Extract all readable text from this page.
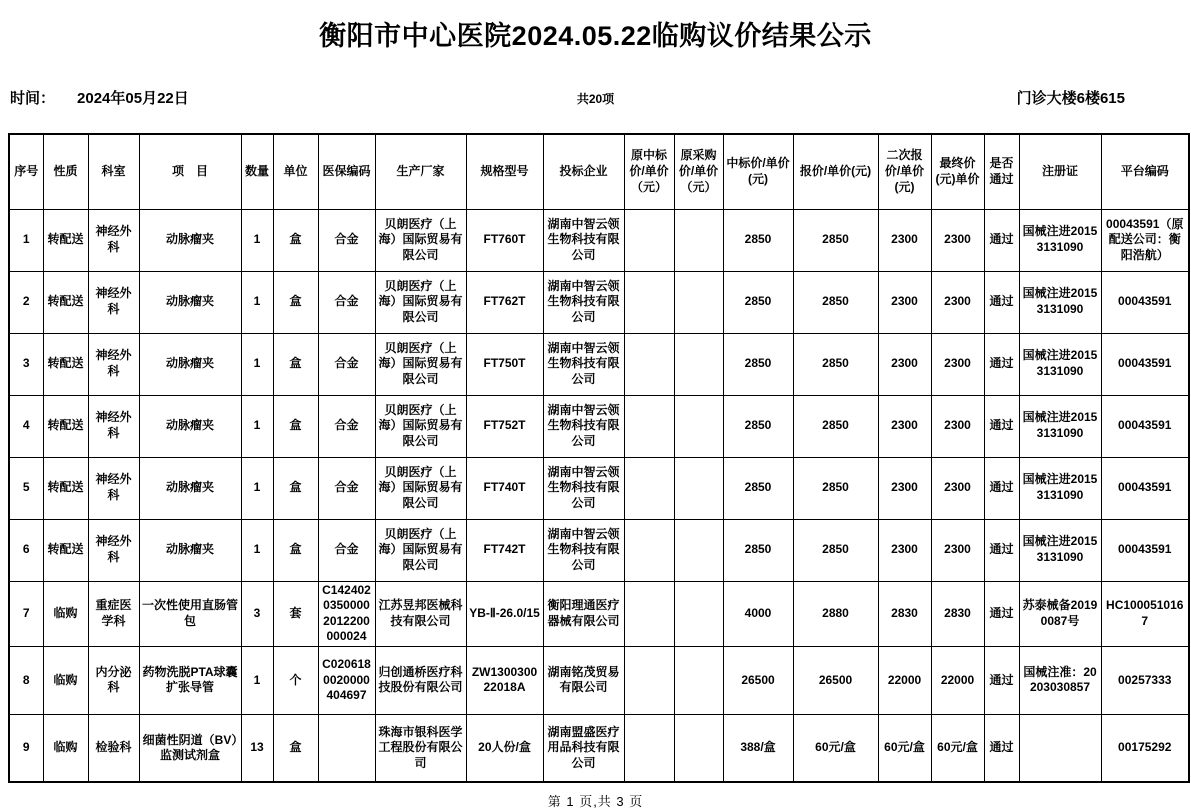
衡阳市中心医院2024.05.22临购议价结果公示
时间： 2024年05月22日	共20项	门诊大楼6楼615
序号	性质	科室	项　目	数量	单位	医保编码	生产厂家	规格型号	投标企业	原中标价/单价（元）	原采购价/单价（元）	中标价/单价(元)	报价/单价(元)	二次报价/单价(元)	最终价(元)单价	是否通过	注册证	平台编码
1	转配送	神经外科	动脉瘤夹	1	盒	合金	贝朗医疗（上海）国际贸易有限公司	FT760T	湖南中智云领生物科技有限公司			2850	2850	2300	2300	通过	国械注进20153131090	00043591（原配送公司：衡阳浩航）
2	转配送	神经外科	动脉瘤夹	1	盒	合金	贝朗医疗（上海）国际贸易有限公司	FT762T	湖南中智云领生物科技有限公司			2850	2850	2300	2300	通过	国械注进20153131090	00043591
3	转配送	神经外科	动脉瘤夹	1	盒	合金	贝朗医疗（上海）国际贸易有限公司	FT750T	湖南中智云领生物科技有限公司			2850	2850	2300	2300	通过	国械注进20153131090	00043591
4	转配送	神经外科	动脉瘤夹	1	盒	合金	贝朗医疗（上海）国际贸易有限公司	FT752T	湖南中智云领生物科技有限公司			2850	2850	2300	2300	通过	国械注进20153131090	00043591
5	转配送	神经外科	动脉瘤夹	1	盒	合金	贝朗医疗（上海）国际贸易有限公司	FT740T	湖南中智云领生物科技有限公司			2850	2850	2300	2300	通过	国械注进20153131090	00043591
6	转配送	神经外科	动脉瘤夹	1	盒	合金	贝朗医疗（上海）国际贸易有限公司	FT742T	湖南中智云领生物科技有限公司			2850	2850	2300	2300	通过	国械注进20153131090	00043591
7	临购	重症医学科	一次性使用直肠管包	3	套	C14240203500002012200000024	江苏昱邦医械科技有限公司	YB-Ⅱ-26.0/15	衡阳理通医疗器械有限公司			4000	2880	2830	2830	通过	苏泰械备20190087号	HC1000510167
8	临购	内分泌科	药物洗脱PTA球囊扩张导管	1	个	C0206180020000404697	归创通桥医疗科技股份有限公司	ZW130030022018A	湖南铭茂贸易有限公司			26500	26500	22000	22000	通过	国械注准：20203030857	00257333
9	临购	检验科	细菌性阴道（BV）监测试剂盒	13	盒		珠海市银科医学工程股份有限公司	20人份/盒	湖南盟盛医疗用品科技有限公司			388/盒	60元/盒	60元/盒	60元/盒	通过		00175292
第 1 页,共 3 页
